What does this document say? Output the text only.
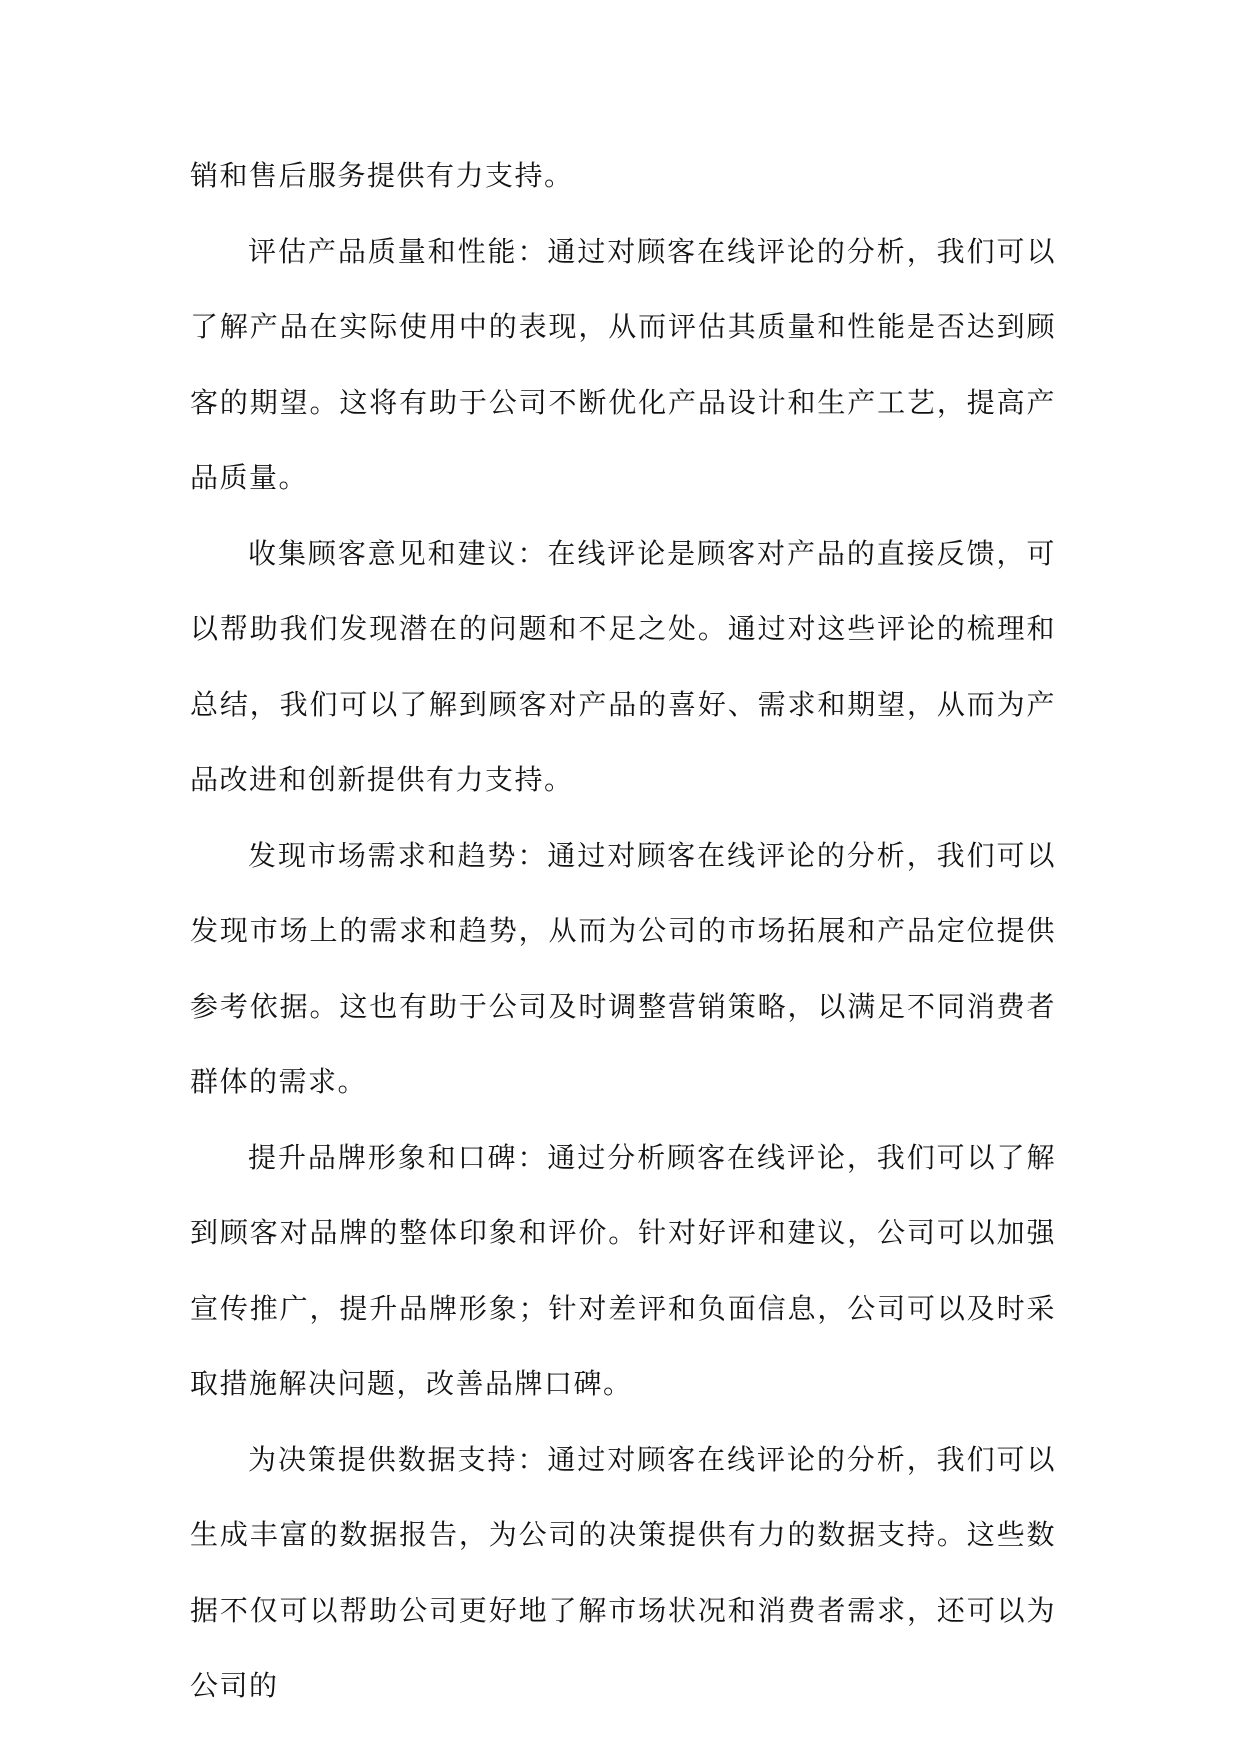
销和售后服务提供有力支持。

评估产品质量和性能：通过对顾客在线评论的分析，我们可以了解产品在实际使用中的表现，从而评估其质量和性能是否达到顾客的期望。这将有助于公司不断优化产品设计和生产工艺，提高产品质量。

收集顾客意见和建议：在线评论是顾客对产品的直接反馈，可以帮助我们发现潜在的问题和不足之处。通过对这些评论的梳理和总结，我们可以了解到顾客对产品的喜好、需求和期望，从而为产品改进和创新提供有力支持。

发现市场需求和趋势：通过对顾客在线评论的分析，我们可以发现市场上的需求和趋势，从而为公司的市场拓展和产品定位提供参考依据。这也有助于公司及时调整营销策略，以满足不同消费者群体的需求。

提升品牌形象和口碑：通过分析顾客在线评论，我们可以了解到顾客对品牌的整体印象和评价。针对好评和建议，公司可以加强宣传推广，提升品牌形象；针对差评和负面信息，公司可以及时采取措施解决问题，改善品牌口碑。

为决策提供数据支持：通过对顾客在线评论的分析，我们可以生成丰富的数据报告，为公司的决策提供有力的数据支持。这些数据不仅可以帮助公司更好地了解市场状况和消费者需求，还可以为公司的
